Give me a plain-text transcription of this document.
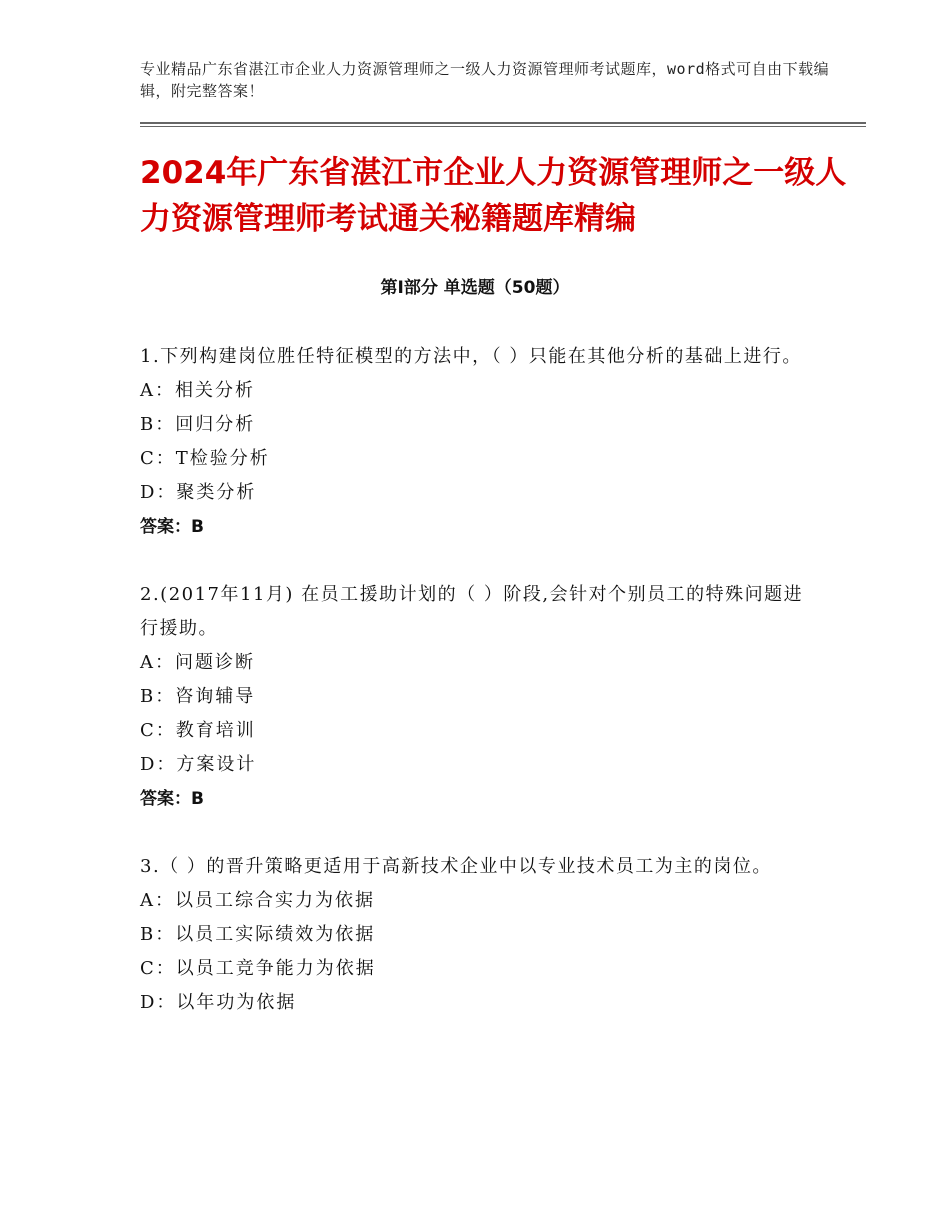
专业精品广东省湛江市企业人力资源管理师之一级人力资源管理师考试题库，word格式可自由下载编辑，附完整答案！
2024年广东省湛江市企业人力资源管理师之一级人力资源管理师考试通关秘籍题库精编
第Ⅰ部分 单选题（50题）
1.下列构建岗位胜任特征模型的方法中，（ ）只能在其他分析的基础上进行。
A：相关分析
B：回归分析
C：T检验分析
D：聚类分析
答案：B
2.(2017年11月) 在员工援助计划的（ ）阶段,会针对个别员工的特殊问题进行援助。
A：问题诊断
B：咨询辅导
C：教育培训
D：方案设计
答案：B
3.（ ）的晋升策略更适用于高新技术企业中以专业技术员工为主的岗位。
A：以员工综合实力为依据
B：以员工实际绩效为依据
C：以员工竞争能力为依据
D：以年功为依据
